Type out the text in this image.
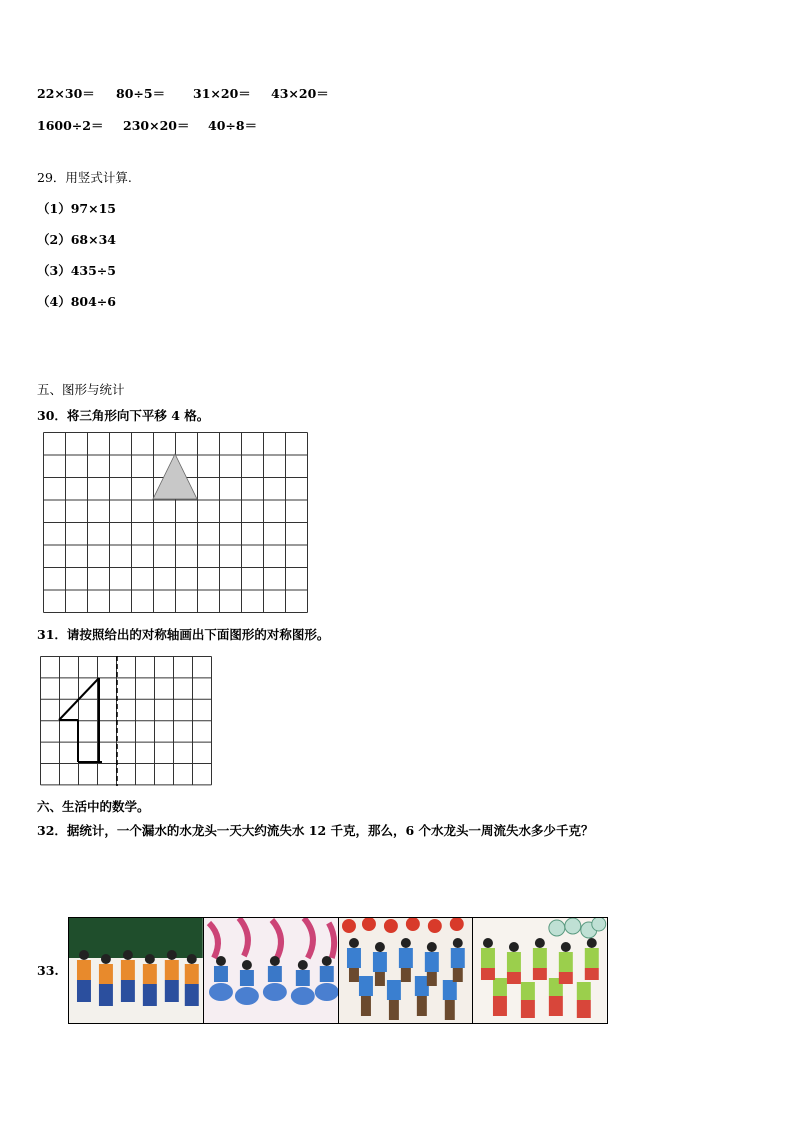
22×30＝ 80÷5＝ 31×20＝ 43×20＝
1600÷2＝ 230×20＝ 40÷8＝
29．用竖式计算.
（1）97×15
（2）68×34
（3）435÷5
（4）804÷6
五、图形与统计
30．将三角形向下平移 4 格。
31．请按照给出的对称轴画出下面图形的对称图形。
六、生活中的数学。
32．据统计，一个漏水的水龙头一天大约流失水 12 千克，那么，6 个水龙头一周流失水多少千克？
33.
